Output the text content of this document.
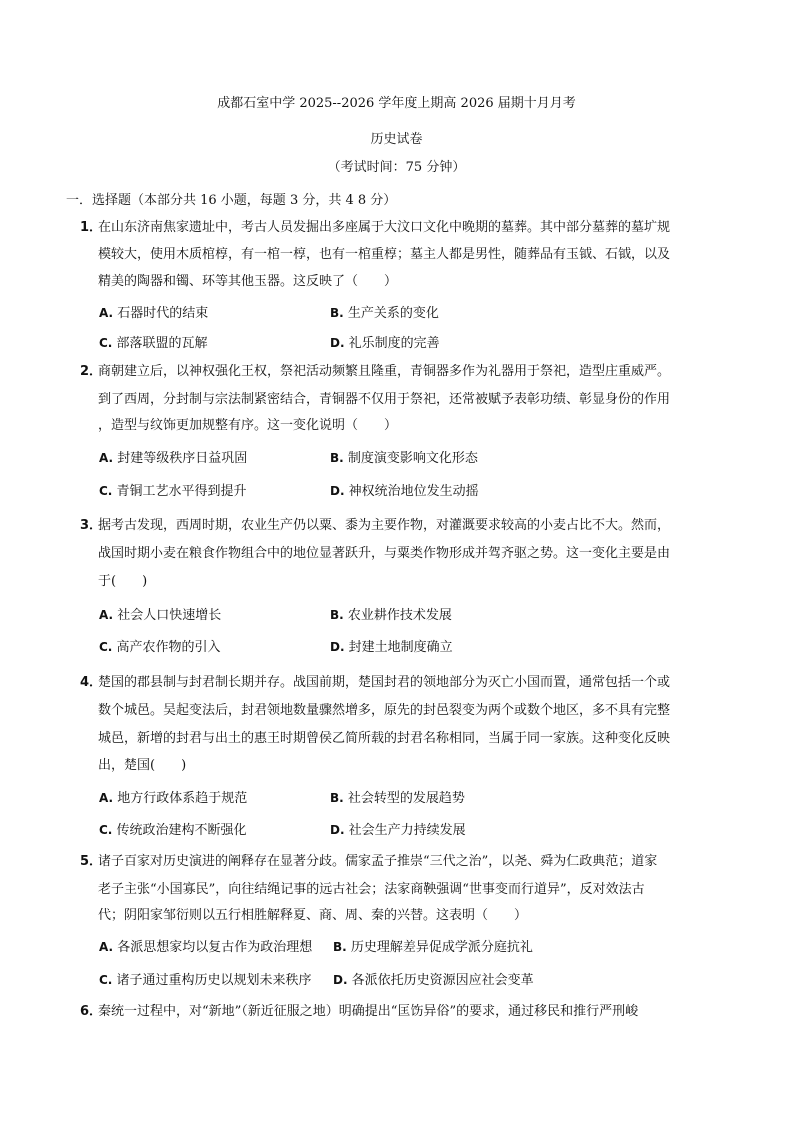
成都石室中学 2025--2026 学年度上期高 2026 届期十月月考
历史试卷
（考试时间：75 分钟）
一．选择题（本部分共 16 小题，每题 3 分，共 4 8 分）
1．
在山东济南焦家遗址中，考古人员发掘出多座属于大汶口文化中晚期的墓葬。其中部分墓葬的墓圹规
模较大，使用木质棺椁，有一棺一椁，也有一棺重椁；墓主人都是男性，随葬品有玉钺、石钺，以及
精美的陶器和镯、环等其他玉器。这反映了（　　）
A. 石器时代的结束	B. 生产关系的变化
C. 部落联盟的瓦解	D. 礼乐制度的完善
2．
商朝建立后，以神权强化王权，祭祀活动频繁且隆重，青铜器多作为礼器用于祭祀，造型庄重威严。
到了西周，分封制与宗法制紧密结合，青铜器不仅用于祭祀，还常被赋予表彰功绩、彰显身份的作用
，造型与纹饰更加规整有序。这一变化说明（　　）
A. 封建等级秩序日益巩固	B. 制度演变影响文化形态
C. 青铜工艺水平得到提升	D. 神权统治地位发生动摇
3．
据考古发现，西周时期，农业生产仍以粟、黍为主要作物，对灌溉要求较高的小麦占比不大。然而，
战国时期小麦在粮食作物组合中的地位显著跃升，与粟类作物形成并驾齐驱之势。这一变化主要是由
于(　　)
A. 社会人口快速增长	B. 农业耕作技术发展
C. 高产农作物的引入	D. 封建土地制度确立
4．
楚国的郡县制与封君制长期并存。战国前期，楚国封君的领地部分为灭亡小国而置，通常包括一个或
数个城邑。吴起变法后，封君领地数量骤然增多，原先的封邑裂变为两个或数个地区，多不具有完整
城邑，新增的封君与出土的惠王时期曾侯乙简所载的封君名称相同，当属于同一家族。这种变化反映
出，楚国(　　)
A. 地方行政体系趋于规范	B. 社会转型的发展趋势
C. 传统政治建构不断强化	D. 社会生产力持续发展
5．
诸子百家对历史演进的阐释存在显著分歧。儒家孟子推崇“三代之治”，以尧、舜为仁政典范；道家
老子主张“小国寡民”，向往结绳记事的远古社会；法家商鞅强调“世事变而行道异”，反对效法古
代；阴阳家邹衍则以五行相胜解释夏、商、周、秦的兴替。这表明（　　）
A. 各派思想家均以复古作为政治理想 B. 历史理解差异促成学派分庭抗礼
C. 诸子通过重构历史以规划未来秩序 D. 各派依托历史资源因应社会变革
6．
秦统一过程中，对“新地”（新近征服之地）明确提出“匡饬异俗”的要求，通过移民和推行严刑峻
